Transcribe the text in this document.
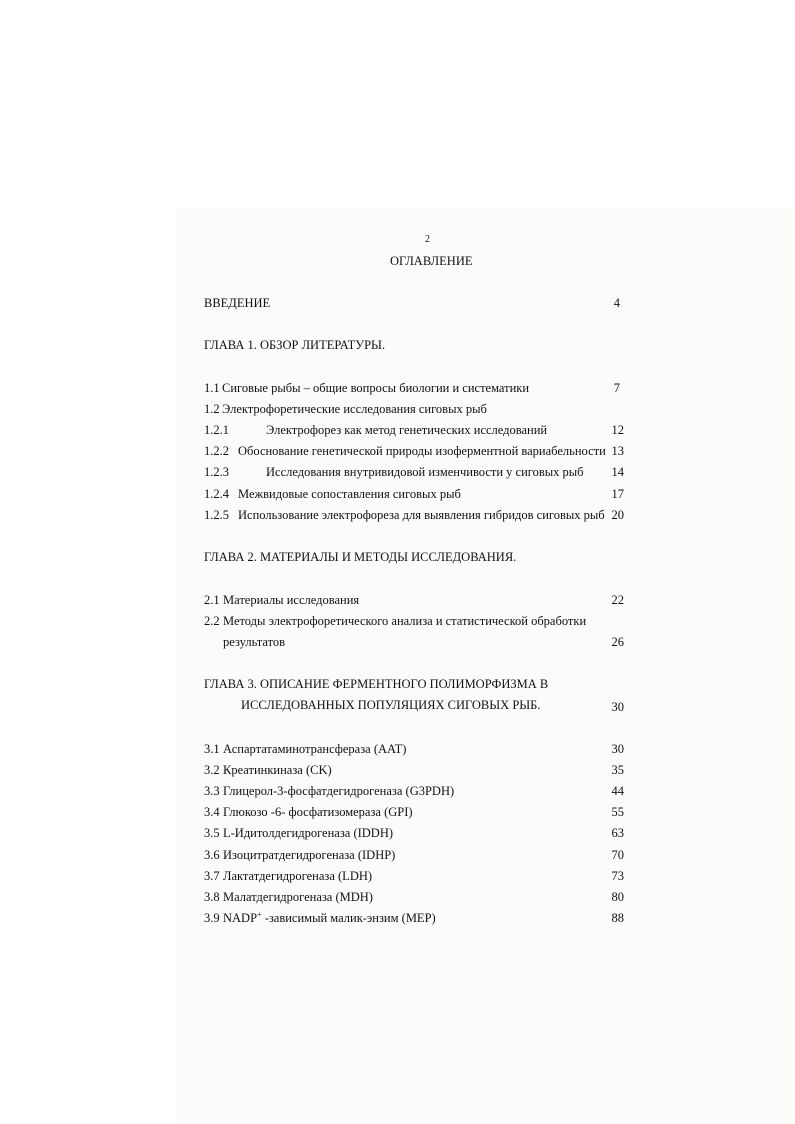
2
ОГЛАВЛЕНИЕ
ВВЕДЕНИЕ	4
ГЛАВА 1. ОБЗОР ЛИТЕРАТУРЫ.
1.1 Сиговые рыбы – общие вопросы биологии и систематики	7
1.2 Электрофоретические исследования сиговых рыб
1.2.1	Электрофорез как метод генетических исследований	12
1.2.2 Обоснование генетической природы изоферментной вариабельности 13
1.2.3	Исследования внутривидовой изменчивости у сиговых рыб	14
1.2.4 Межвидовые сопоставления сиговых рыб	17
1.2.5 Использование электрофореза для выявления гибридов сиговых рыб 20
ГЛАВА 2. МАТЕРИАЛЫ И МЕТОДЫ ИССЛЕДОВАНИЯ.
2.1 Материалы исследования	22
2.2 Методы электрофоретического анализа и статистической обработки
результатов	26
ГЛАВА 3. ОПИСАНИЕ ФЕРМЕНТНОГО ПОЛИМОРФИЗМА В
ИССЛЕДОВАННЫХ ПОПУЛЯЦИЯХ СИГОВЫХ РЫБ.	30
3.1 Аспартатаминотрансфераза (AAT)	30
3.2 Креатинкиназа (CK)	35
3.3 Глицерол-3-фосфатдегидрогеназа (G3PDH)	44
3.4 Глюкозо -6- фосфатизомераза (GPI)	55
3.5 L-Идитолдегидрогеназа (IDDH)	63
3.6 Изоцитратдегидрогеназа (IDHP)	70
3.7 Лактатдегидрогеназа (LDH)	73
3.8 Малатдегидрогеназа (MDH)	80
3.9 NADP+ -зависимый малик-энзим (MEP)	88
